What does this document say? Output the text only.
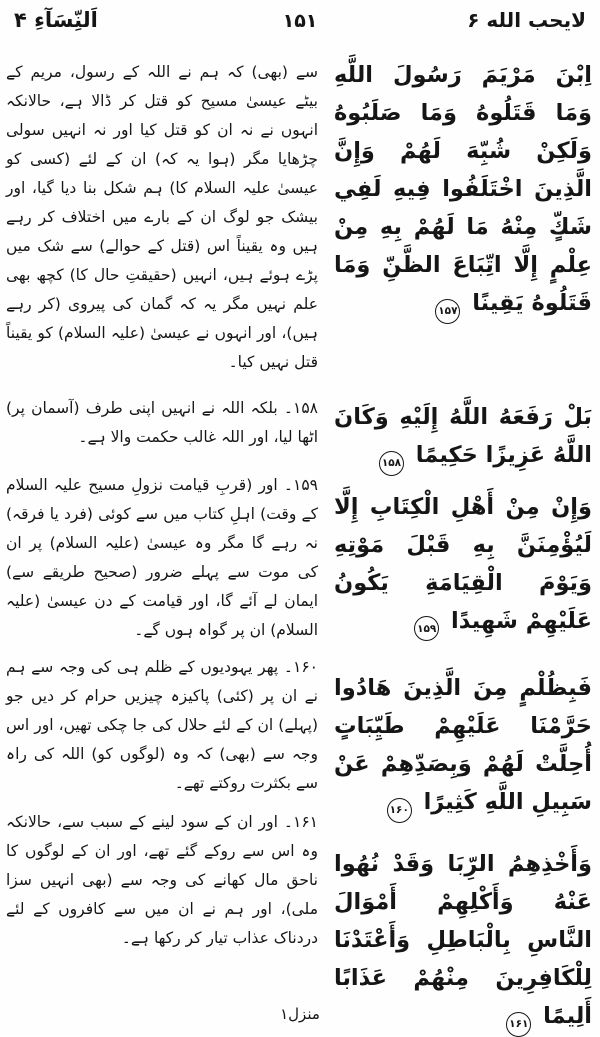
اَلنِّسَآءِ ۴	۱۵۱	لايحب الله ۶

سے (بھی) کہ ہم نے اللہ کے رسول، مریم کے بیٹے عیسیٰ مسیح کو قتل کر ڈالا ہے، حالانکہ انہوں نے نہ ان کو قتل کیا اور نہ انہیں سولی چڑھایا مگر (ہوا یہ کہ) ان کے لئے (کسی کو عیسیٰ علیہ السلام کا) ہم شکل بنا دیا گیا، اور بیشک جو لوگ ان کے بارے میں اختلاف کر رہے ہیں وہ یقیناً اس (قتل کے حوالے) سے شک میں پڑے ہوئے ہیں، انہیں (حقیقتِ حال کا) کچھ بھی علم نہیں مگر یہ کہ گمان کی پیروی (کر رہے ہیں)، اور انہوں نے عیسیٰ (علیہ السلام) کو یقیناً قتل نہیں کیا۔

۱۵۸۔ بلکہ اللہ نے انہیں اپنی طرف (آسمان پر) اٹھا لیا، اور اللہ غالب حکمت والا ہے۔

۱۵۹۔ اور (قربِ قیامت نزولِ مسیح علیہ السلام کے وقت) اہلِ کتاب میں سے کوئی (فرد یا فرقہ) نہ رہے گا مگر وہ عیسیٰ (علیہ السلام) پر ان کی موت سے پہلے ضرور (صحیح طریقے سے) ایمان لے آئے گا، اور قیامت کے دن عیسیٰ (علیہ السلام) ان پر گواہ ہوں گے۔

۱۶۰۔ پھر یہودیوں کے ظلم ہی کی وجہ سے ہم نے ان پر (کئی) پاکیزہ چیزیں حرام کر دیں جو (پہلے) ان کے لئے حلال کی جا چکی تھیں، اور اس وجہ سے (بھی) کہ وہ (لوگوں کو) اللہ کی راہ سے بکثرت روکتے تھے۔

۱۶۱۔ اور ان کے سود لینے کے سبب سے، حالانکہ وہ اس سے روکے گئے تھے، اور ان کے لوگوں کا ناحق مال کھانے کی وجہ سے (بھی انہیں سزا ملی)، اور ہم نے ان میں سے کافروں کے لئے دردناک عذاب تیار کر رکھا ہے۔

اِبْنَ مَرْيَمَ رَسُولَ اللَّهِ وَمَا قَتَلُوهُ وَمَا صَلَبُوهُ وَلَكِنْ شُبِّهَ لَهُمْ وَإِنَّ الَّذِينَ اخْتَلَفُوا فِيهِ لَفِي شَكٍّ مِنْهُ مَا لَهُمْ بِهِ مِنْ عِلْمٍ إِلَّا اتِّبَاعَ الظَّنِّ وَمَا قَتَلُوهُ يَقِينًا ۱۵۷

بَلْ رَفَعَهُ اللَّهُ إِلَيْهِ وَكَانَ اللَّهُ عَزِيزًا حَكِيمًا ۱۵۸

وَإِنْ مِنْ أَهْلِ الْكِتَابِ إِلَّا لَيُؤْمِنَنَّ بِهِ قَبْلَ مَوْتِهِ وَيَوْمَ الْقِيَامَةِ يَكُونُ عَلَيْهِمْ شَهِيدًا ۱۵۹

فَبِظُلْمٍ مِنَ الَّذِينَ هَادُوا حَرَّمْنَا عَلَيْهِمْ طَيِّبَاتٍ أُحِلَّتْ لَهُمْ وَبِصَدِّهِمْ عَنْ سَبِيلِ اللَّهِ كَثِيرًا ۱۶۰

وَأَخْذِهِمُ الرِّبَا وَقَدْ نُهُوا عَنْهُ وَأَكْلِهِمْ أَمْوَالَ النَّاسِ بِالْبَاطِلِ وَأَعْتَدْنَا لِلْكَافِرِينَ مِنْهُمْ عَذَابًا أَلِيمًا ۱۶۱

منزل۱
